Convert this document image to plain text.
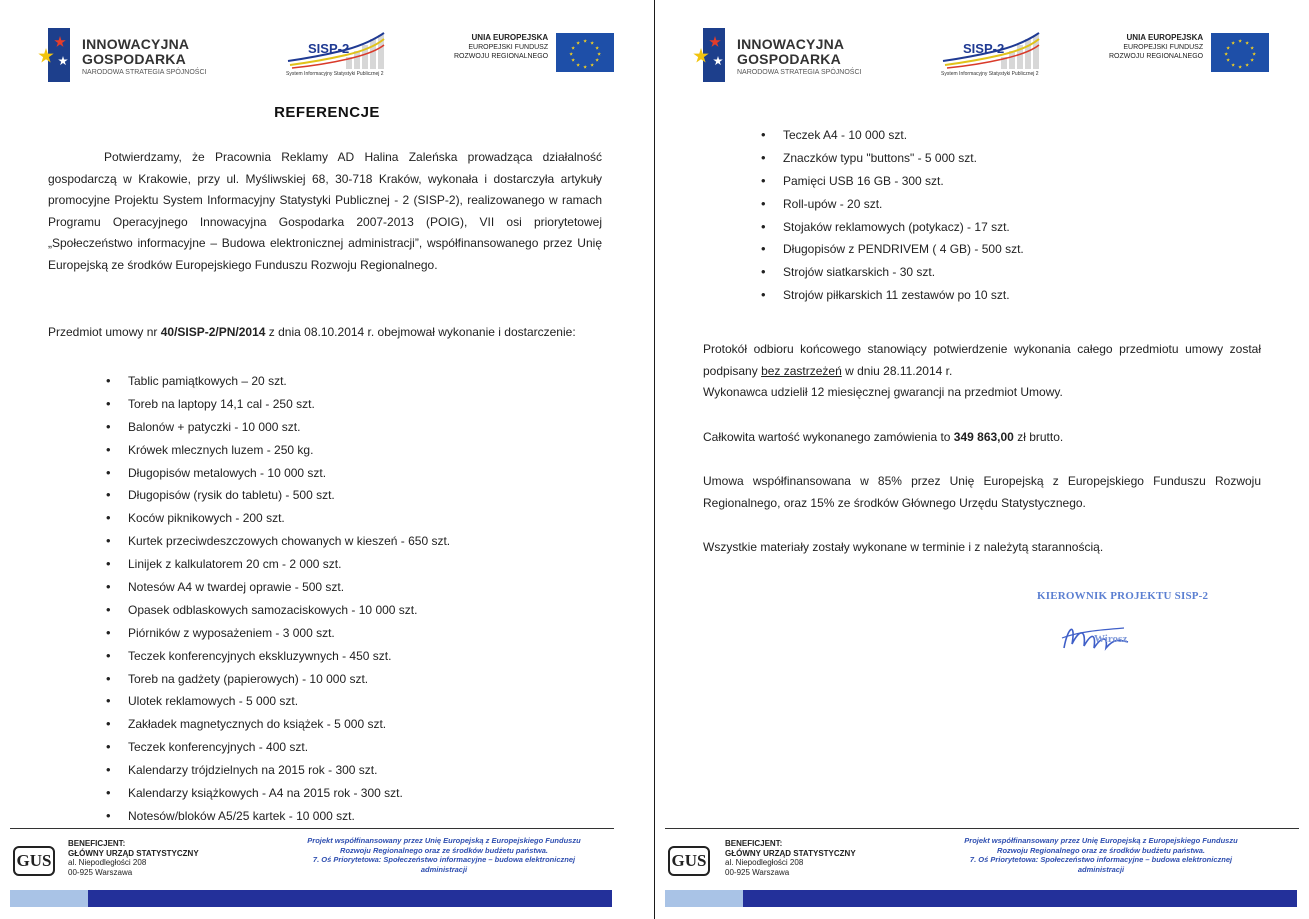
INNOWACYJNA
GOSPODARKA
NARODOWA STRATEGIA SPÓJNOŚCI
SISP-2
System Informacyjny Statystyki Publicznej 2
UNIA EUROPEJSKA
EUROPEJSKI FUNDUSZ
ROZWOJU REGIONALNEGO
REFERENCJE

Potwierdzamy, że Pracownia Reklamy AD Halina Zaleńska prowadząca działalność gospodarczą w Krakowie, przy ul. Myśliwskiej 68, 30-718 Kraków, wykonała i dostarczyła artykuły promocyjne Projektu System Informacyjny Statystyki Publicznej - 2 (SISP-2), realizowanego w ramach Programu Operacyjnego Innowacyjna Gospodarka 2007-2013 (POIG), VII osi priorytetowej „Społeczeństwo informacyjne – Budowa elektronicznej administracji”, współfinansowanego przez Unię Europejską ze środków Europejskiego Funduszu Rozwoju Regionalnego.

Przedmiot umowy nr 40/SISP-2/PN/2014 z dnia 08.10.2014 r. obejmował wykonanie i dostarczenie:

• Tablic pamiątkowych – 20 szt.
• Toreb na laptopy 14,1 cal - 250 szt.
• Balonów + patyczki - 10 000 szt.
• Krówek mlecznych luzem - 250 kg.
• Długopisów metalowych - 10 000 szt.
• Długopisów (rysik do tabletu) - 500 szt.
• Koców piknikowych - 200 szt.
• Kurtek przeciwdeszczowych chowanych w kieszeń - 650 szt.
• Linijek z kalkulatorem 20 cm - 2 000 szt.
• Notesów A4 w twardej oprawie - 500 szt.
• Opasek odblaskowych samozaciskowych - 10 000 szt.
• Piórników z wyposażeniem - 3 000 szt.
• Teczek konferencyjnych ekskluzywnych - 450 szt.
• Toreb na gadżety (papierowych) - 10 000 szt.
• Ulotek reklamowych - 5 000 szt.
• Zakładek magnetycznych do książek - 5 000 szt.
• Teczek konferencyjnych - 400 szt.
• Kalendarzy trójdzielnych na 2015 rok - 300 szt.
• Kalendarzy książkowych - A4 na 2015 rok - 300 szt.
• Notesów/bloków A5/25 kartek - 10 000 szt.
GUS
BENEFICJENT:
GŁÓWNY URZĄD STATYSTYCZNY
al. Niepodległości 208
00-925 Warszawa
Projekt współfinansowany przez Unię Europejską z Europejskiego Funduszu
Rozwoju Regionalnego oraz ze środków budżetu państwa.
7. Oś Priorytetowa: Społeczeństwo informacyjne – budowa elektronicznej
administracji
INNOWACYJNA
GOSPODARKA
NARODOWA STRATEGIA SPÓJNOŚCI
SISP-2
System Informacyjny Statystyki Publicznej 2
UNIA EUROPEJSKA
EUROPEJSKI FUNDUSZ
ROZWOJU REGIONALNEGO
• Teczek A4 - 10 000 szt.
• Znaczków typu "buttons" - 5 000 szt.
• Pamięci USB 16 GB - 300 szt.
• Roll-upów - 20 szt.
• Stojaków reklamowych (potykacz) - 17 szt.
• Długopisów z PENDRIVEM ( 4 GB) - 500 szt.
• Strojów siatkarskich - 30 szt.
• Strojów piłkarskich 11 zestawów po 10 szt.

Protokół odbioru końcowego stanowiący potwierdzenie wykonania całego przedmiotu umowy został podpisany bez zastrzeżeń w dniu 28.11.2014 r.

Wykonawca udzielił 12 miesięcznej gwarancji na przedmiot Umowy.

Całkowita wartość wykonanego zamówienia to 349 863,00 zł brutto.

Umowa współfinansowana w 85% przez Unię Europejską z Europejskiego Funduszu Rozwoju Regionalnego, oraz 15% ze środków Głównego Urzędu Statystycznego.

Wszystkie materiały zostały wykonane w terminie i z należytą starannością.

GUS
BENEFICJENT:
GŁÓWNY URZĄD STATYSTYCZNY
al. Niepodległości 208
00-925 Warszawa
Projekt współfinansowany przez Unię Europejską z Europejskiego Funduszu
Rozwoju Regionalnego oraz ze środków budżetu państwa.
7. Oś Priorytetowa: Społeczeństwo informacyjne – budowa elektronicznej
administracji
KIEROWNIK PROJEKTU SISP-2
Wirosz
